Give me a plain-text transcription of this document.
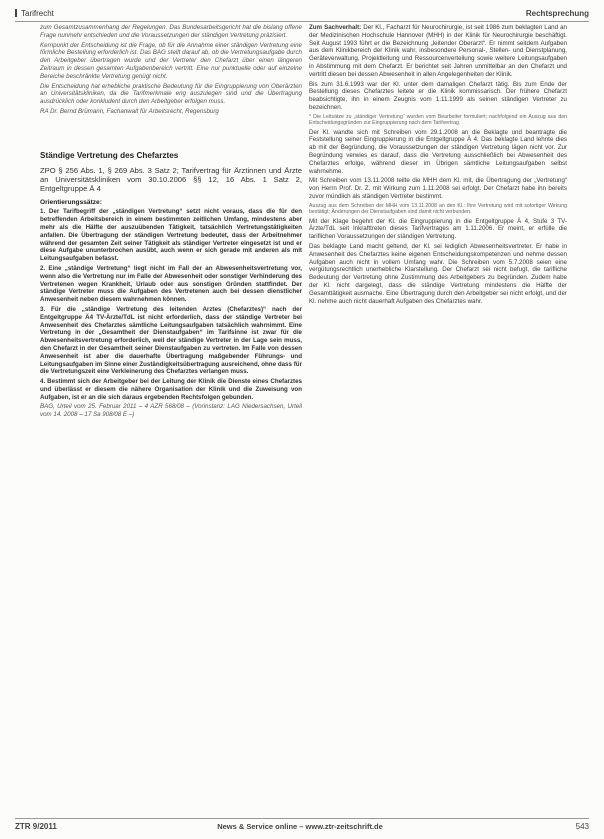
Tarifrecht	Rechtsprechung

zum Gesamtzusammenhang der Regelungen. Das Bundesarbeitsgericht hat die bislang offene Frage nunmehr entschieden und die Voraussetzungen der ständigen Vertretung präzisiert.

Kernpunkt der Entscheidung ist die Frage, ob für die Annahme einer ständigen Vertretung eine förmliche Bestellung erforderlich ist. Das BAG stellt darauf ab, ob die Vertretungsaufgabe durch den Arbeitgeber übertragen wurde und der Vertreter den Chefarzt über einen längeren Zeitraum in dessen gesamten Aufgabenbereich vertritt. Eine nur punktuelle oder auf einzelne Bereiche beschränkte Vertretung genügt nicht.

Die Entscheidung hat erhebliche praktische Bedeutung für die Eingruppierung von Oberärzten an Universitätskliniken, da die Tarifmerkmale eng auszulegen sind und die Übertragung ausdrücklich oder konkludent durch den Arbeitgeber erfolgen muss.

RA Dr. Bernd Brümann, Fachanwalt für Arbeitsrecht, Regensburg

Ständige Vertretung des Chefarztes
ZPO § 256 Abs. 1, § 269 Abs. 3 Satz 2; Tarifvertrag für Ärztinnen und Ärzte an Universitätskliniken vom 30.10.2006 §§ 12, 16 Abs. 1 Satz 2, Entgeltgruppe Ä 4
Orientierungssätze:

1. Der Tarifbegriff der „ständigen Vertretung“ setzt nicht voraus, dass die für den betreffenden Arbeitsbereich in einem bestimmten zeitlichen Umfang, mindestens aber mehr als die Hälfte der auszuübenden Tätigkeit, tatsächlich Vertretungstätigkeiten anfallen. Die Übertragung der ständigen Vertretung bedeutet, dass der Arbeitnehmer während der gesamten Zeit seiner Tätigkeit als ständiger Vertreter eingesetzt ist und er diese Aufgabe ununterbrochen ausübt, auch wenn er sich gerade mit anderen als mit Leitungsaufgaben befasst.

2. Eine „ständige Vertretung“ liegt nicht im Fall der an Abwesenheitsvertretung vor, wenn also die Vertretung nur im Falle der Abwesenheit oder sonstiger Verhinderung des Vertretenen wegen Krankheit, Urlaub oder aus sonstigen Gründen stattfindet. Der ständige Vertreter muss die Aufgaben des Vertretenen auch bei dessen dienstlicher Anwesenheit neben diesem wahrnehmen können.

3. Für die „ständige Vertretung des leitenden Arztes (Chefarztes)“ nach der Entgeltgruppe Ä4 TV-Ärzte/TdL ist nicht erforderlich, dass der ständige Vertreter bei Anwesenheit des Chefarztes sämtliche Leitungsaufgaben tatsächlich wahrnimmt. Eine Vertretung in der „Gesamtheit der Dienstaufgaben“ im Tarifsinne ist zwar für die Abwesenheitsvertretung erforderlich, weil der ständige Vertreter in der Lage sein muss, den Chefarzt in der Gesamtheit seiner Dienstaufgaben zu vertreten. Im Falle von dessen Anwesenheit ist aber die dauerhafte Übertragung maßgebender Führungs- und Leitungsaufgaben im Sinne einer Zuständigkeitsübertragung ausreichend, ohne dass für die Vertretungszeit eine Verkleinerung des Chefarztes verlangen muss.

4. Bestimmt sich der Arbeitgeber bei der Leitung der Klinik die Dienste eines Chefarztes und überlässt er diesem die nähere Organisation der Klinik und die Zuweisung von Aufgaben, ist er an die sich daraus ergebenden Rechtsfolgen gebunden.

BAG, Urteil vom 25. Februar 2011 – 4 AZR 568/08 – (Vorinstanz: LAG Niedersachsen, Urteil vom 14. 2008 – 17 Sa 908/08 E –)

Zum Sachverhalt: Der Kl., Facharzt für Neurochirurgie, ist seit 1986 zum beklagten Land an der Medizinischen Hochschule Hannover (MHH) in der Klinik für Neurochirurgie beschäftigt. Seit August 1993 führt er die Bezeichnung „leitender Oberarzt“. Er nimmt seitdem Aufgaben aus dem Klinikbereich der Klinik wahr, insbesondere Personal-, Stellen- und Dienstplanung, Geräteverwaltung, Projektleitung und Ressourcenverteilung sowie weitere Leitungsaufgaben in Abstimmung mit dem Chefarzt. Er berichtet seit Jahren unmittelbar an den Chefarzt und vertritt diesen bei dessen Abwesenheit in allen Angelegenheiten der Klinik.

Bis zum 31.6.1993 war der Kl. unter dem damaligen Chefarzt tätig. Bis zum Ende der Bestellung dieses Chefarztes leitete er die Klinik kommissarisch. Der frühere Chefarzt beabsichtigte, ihn in einem Zeugnis vom 1.11.1999 als seinen ständigen Vertreter zu bezeichnen.

* Die Leitsätze zu „ständiger Vertretung“ wurden vom Bearbeiter formuliert; nachfolgend ein Auszug aus den Entscheidungsgründen zur Eingruppierung nach dem Tarifvertrag.

Der Kl. wandte sich mit Schreiben vom 29.1.2008 an die Beklagte und beantragte die Feststellung seiner Eingruppierung in die Entgeltgruppe Ä 4. Das beklagte Land lehnte dies ab mit der Begründung, die Voraussetzungen der ständigen Vertretung lägen nicht vor. Zur Begründung verwies es darauf, dass die Vertretung ausschließlich bei Abwesenheit des Chefarztes erfolge, während dieser im Übrigen sämtliche Leitungsaufgaben selbst wahrnehme.

Mit Schreiben vom 13.11.2008 teilte die MHH dem Kl. mit, die Übertragung der „Vertretung“ von Herrn Prof. Dr. Z. mit Wirkung zum 1.11.2008 sei erfolgt. Der Chefarzt habe ihn bereits zuvor mündlich als ständigen Vertreter bestimmt.

Auszug aus dem Schreiben der MHH vom 13.11.2008 an den Kl.: Ihre Vertretung wird mit sofortiger Wirkung bestätigt; Änderungen der Dienstaufgaben sind damit nicht verbunden.

Mit der Klage begehrt der Kl. die Eingruppierung in die Entgeltgruppe Ä 4, Stufe 3 TV-Ärzte/TdL seit Inkrafttreten dieses Tarifvertrages am 1.11.2006. Er meint, er erfülle die tariflichen Voraussetzungen der ständigen Vertretung.

Das beklagte Land macht geltend, der Kl. sei lediglich Abwesenheitsvertreter. Er habe in Anwesenheit des Chefarztes keine eigenen Entscheidungskompetenzen und nehme dessen Aufgaben auch nicht in vollem Umfang wahr. Die Schreiben vom 5.7.2008 seien eine vergütungsrechtlich unerhebliche Klarstellung. Der Chefarzt sei nicht befugt, die tarifliche Bedeutung der Vertretung ohne Zustimmung des Arbeitgebers zu begründen. Zudem habe der Kl. nicht dargelegt, dass die ständige Vertretung mindestens die Hälfte der Gesamttätigkeit ausmache. Eine Übertragung durch den Arbeitgeber sei nicht erfolgt, und der Kl. nehme auch nicht dauerhaft Aufgaben des Chefarztes wahr.

ZTR 9/2011	News & Service online – www.ztr-zeitschrift.de	543
